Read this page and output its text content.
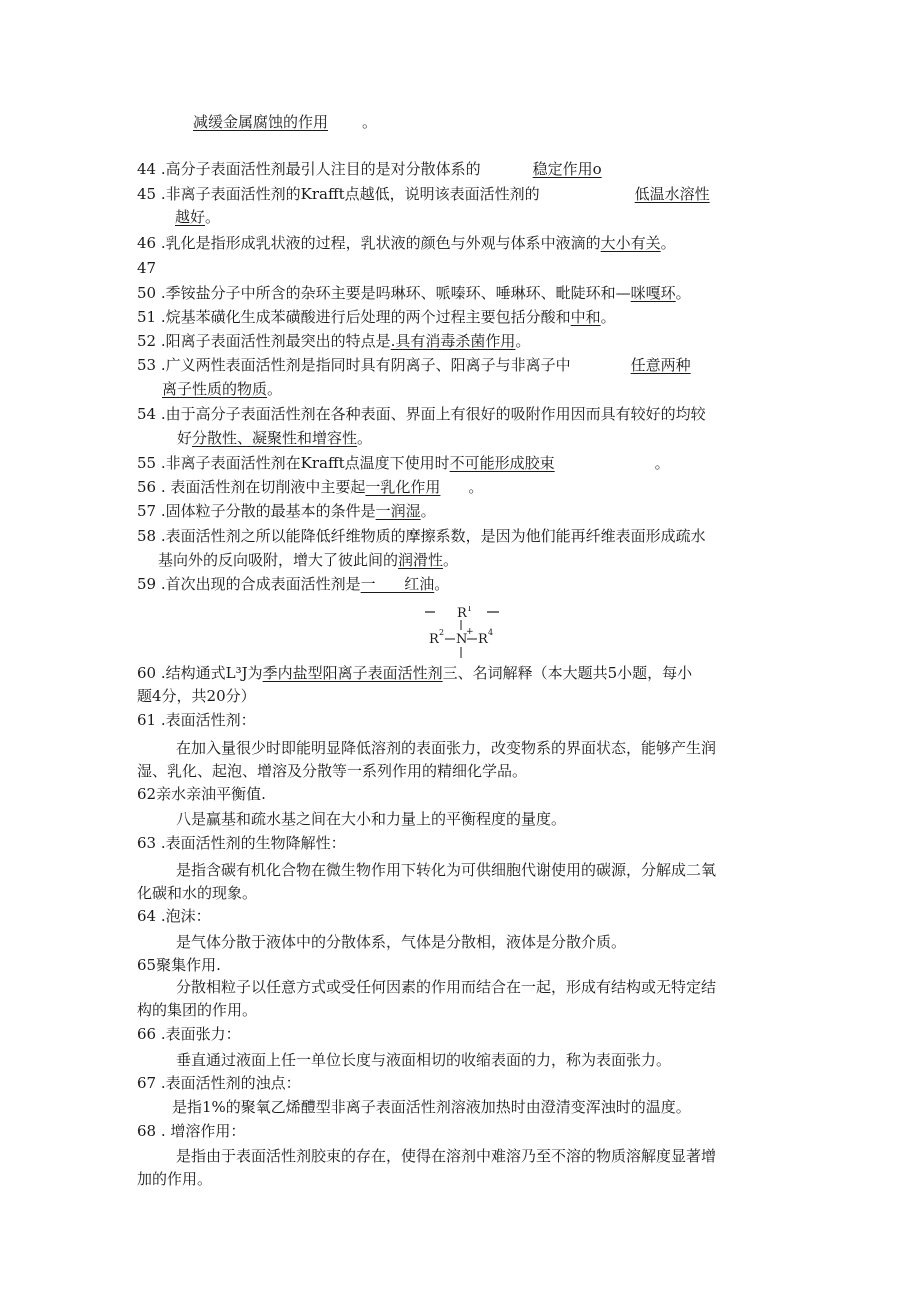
减缓金属腐蚀的作用 。
44 .高分子表面活性剂最引人注目的是对分散体系的	稳定作用o
45 .非离子表面活性剂的Krafft点越低，说明该表面活性剂的	低温水溶性
越好。
46 .乳化是指形成乳状液的过程，乳状液的颜色与外观与体系中液滴的大小有关。
47
50 .季铵盐分子中所含的杂环主要是吗琳环、哌嗪环、唾琳环、毗陡环和—咪嘎环。
51 .烷基苯磺化生成苯磺酸进行后处理的两个过程主要包括分酸和中和。
52 .阳离子表面活性剂最突出的特点是.具有消毒杀菌作用。
53 .广义两性表面活性剂是指同时具有阴离子、阳离子与非离子中	任意两种
离子性质的物质。
54 .由于高分子表面活性剂在各种表面、界面上有很好的吸附作用因而具有较好的均较
好分散性、凝聚性和增容性。
55 .非离子表面活性剂在Krafft点温度下使用时不可能形成胶束	。
56 . 表面活性剂在切削液中主要起一乳化作用 。
57 .固体粒子分散的最基本的条件是一润湿。
58 .表面活性剂之所以能降低纤维物质的摩擦系数，是因为他们能再纤维表面形成疏水
基向外的反向吸附，增大了彼此间的润滑性。
59 .首次出现的合成表面活性剂是一      红油。
R 1
R 2 N
+ R 4
60 .结构通式L³J为季内盐型阳离子表面活性剂三、名词解释（本大题共5小题，每小
题4分，共20分）
61 .表面活性剂：
在加入量很少时即能明显降低溶剂的表面张力，改变物系的界面状态，能够产生润
湿、乳化、起泡、增溶及分散等一系列作用的精细化学品。
62亲水亲油平衡值.
八是赢基和疏水基之间在大小和力量上的平衡程度的量度。
63 .表面活性剂的生物降解性：
是指含碳有机化合物在微生物作用下转化为可供细胞代谢使用的碳源，分解成二氧
化碳和水的现象。
64 .泡沫：
是气体分散于液体中的分散体系，气体是分散相，液体是分散介质。
65聚集作用.
分散相粒子以任意方式或受任何因素的作用而结合在一起，形成有结构或无特定结
构的集团的作用。
66 .表面张力：
垂直通过液面上任一单位长度与液面相切的收缩表面的力，称为表面张力。
67 .表面活性剂的浊点：
是指1%的聚氧乙烯醴型非离子表面活性剂溶液加热时由澄清变浑浊时的温度。
68 . 增溶作用：
是指由于表面活性剂胶束的存在，使得在溶剂中难溶乃至不溶的物质溶解度显著增
加的作用。
